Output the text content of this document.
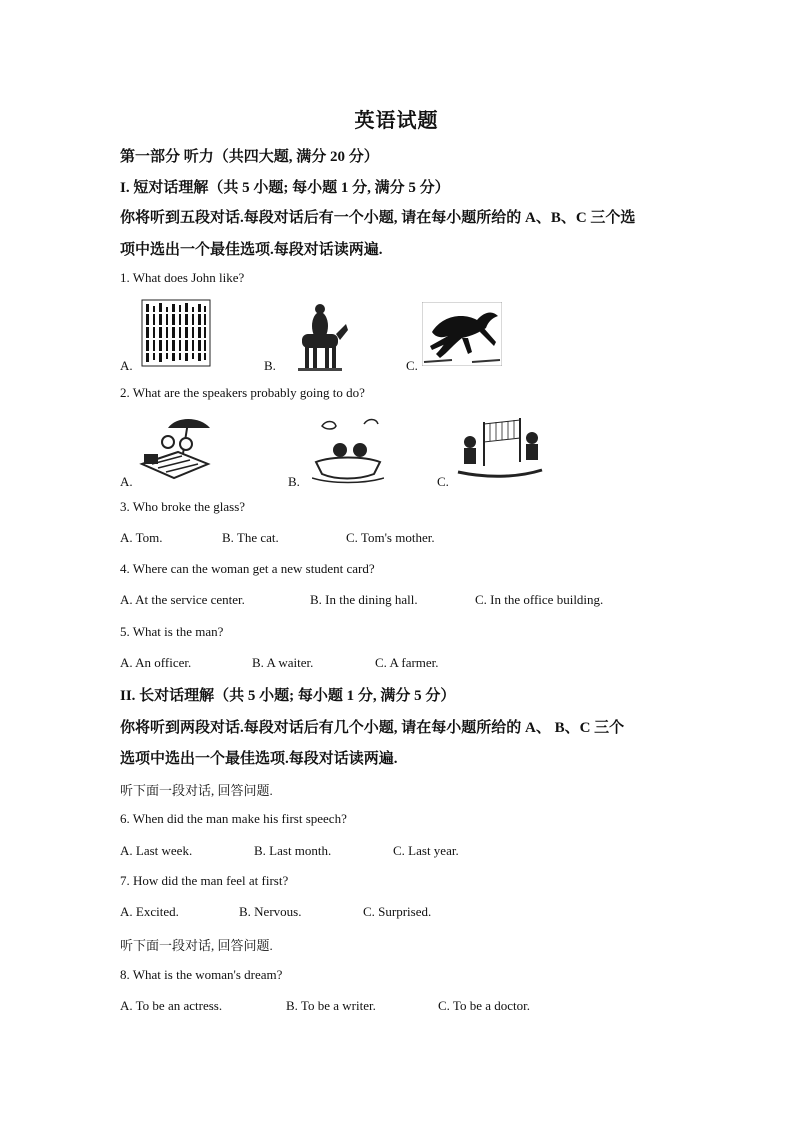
英语试题
第一部分 听力（共四大题, 满分 20 分）
I. 短对话理解（共 5 小题; 每小题 1 分, 满分 5 分）
你将听到五段对话.每段对话后有一个小题, 请在每小题所给的 A、B、C 三个选
项中选出一个最佳选项.每段对话读两遍.
1. What does John like?
A.	B.	C.
2. What are the speakers probably going to do?
A.	B.	C.
3. Who broke the glass?
A. Tom.	B. The cat.	C. Tom's mother.
4. Where can the woman get a new student card?
A. At the service center.	B. In the dining hall.	C. In the office building.
5. What is the man?
A. An officer.	B. A waiter.	C. A farmer.
II. 长对话理解（共 5 小题; 每小题 1 分, 满分 5 分）
你将听到两段对话.每段对话后有几个小题, 请在每小题所给的 A、 B、C 三个
选项中选出一个最佳选项.每段对话读两遍.
听下面一段对话, 回答问题.
6. When did the man make his first speech?
A. Last week.	B. Last month.	C. Last year.
7. How did the man feel at first?
A. Excited.	B. Nervous.	C. Surprised.
听下面一段对话, 回答问题.
8. What is the woman's dream?
A. To be an actress.	B. To be a writer.	C. To be a doctor.
